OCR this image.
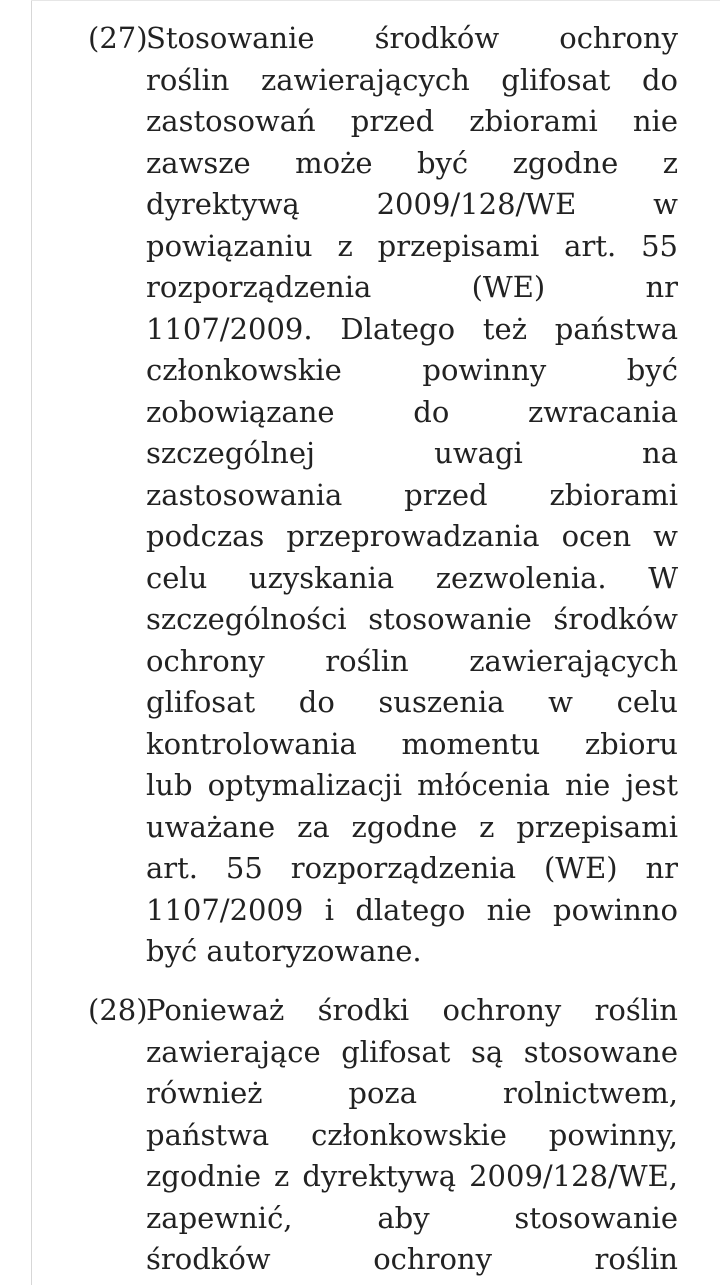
(27)
Stosowanie środków ochrony
roślin zawierających glifosat do
zastosowań przed zbiorami nie
zawsze może być zgodne z
dyrektywą 2009/128/WE w
powiązaniu z przepisami art. 55
rozporządzenia (WE) nr
1107/2009. Dlatego też państwa
członkowskie powinny być
zobowiązane do zwracania
szczególnej uwagi na
zastosowania przed zbiorami
podczas przeprowadzania ocen w
celu uzyskania zezwolenia. W
szczególności stosowanie środków
ochrony roślin zawierających
glifosat do suszenia w celu
kontrolowania momentu zbioru
lub optymalizacji młócenia nie jest
uważane za zgodne z przepisami
art. 55 rozporządzenia (WE) nr
1107/2009 i dlatego nie powinno
być autoryzowane.
(28)
Ponieważ środki ochrony roślin
zawierające glifosat są stosowane
również poza rolnictwem,
państwa członkowskie powinny,
zgodnie z dyrektywą 2009/128/WE,
zapewnić, aby stosowanie
środków ochrony roślin
